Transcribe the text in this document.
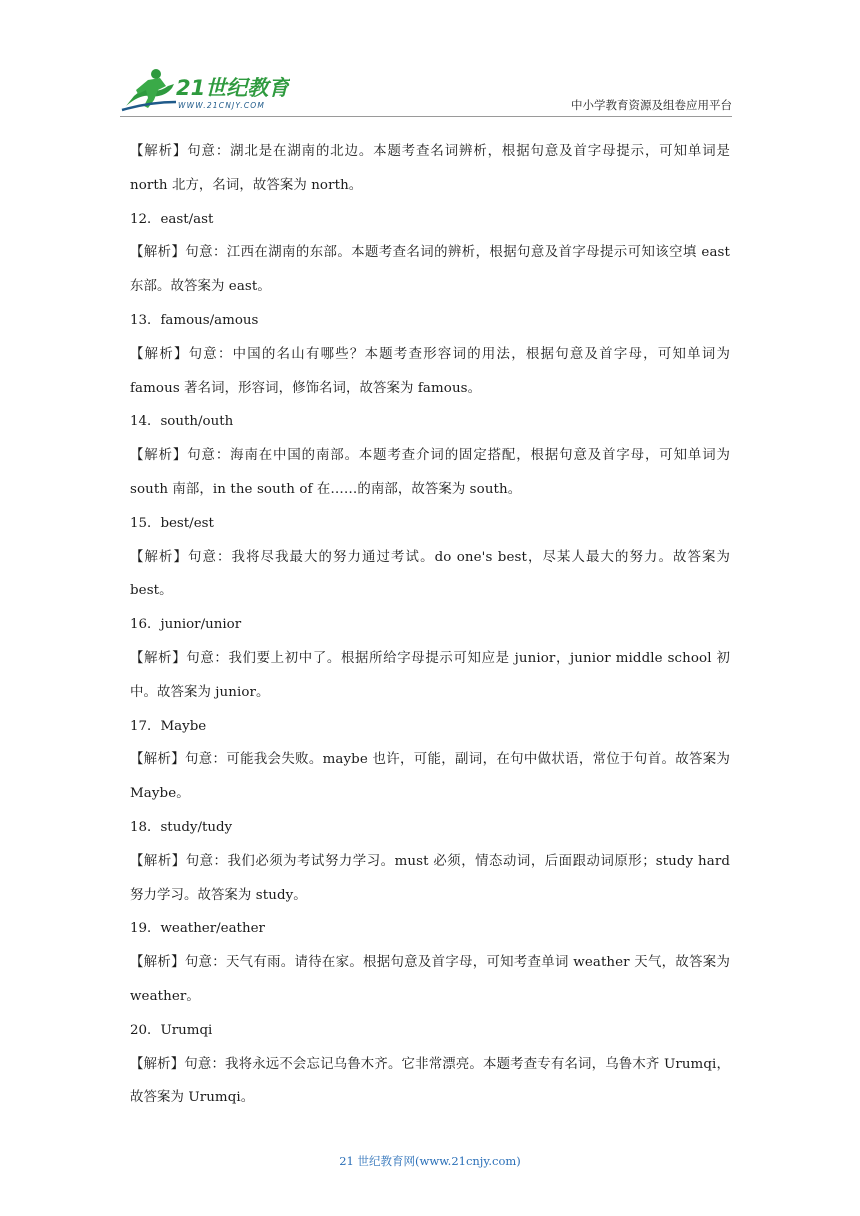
21世纪教育
WWW.21CNJY.COM	中小学教育资源及组卷应用平台

【解析】句意：湖北是在湖南的北边。本题考查名词辨析，根据句意及首字母提示，可知单词是 north 北方，名词，故答案为 north。

12．east/ast

【解析】句意：江西在湖南的东部。本题考查名词的辨析，根据句意及首字母提示可知该空填 east 东部。故答案为 east。

13．famous/amous

【解析】句意：中国的名山有哪些？本题考查形容词的用法，根据句意及首字母，可知单词为 famous 著名词，形容词，修饰名词，故答案为 famous。

14．south/outh

【解析】句意：海南在中国的南部。本题考查介词的固定搭配，根据句意及首字母，可知单词为 south 南部，in the south of 在……的南部，故答案为 south。

15．best/est

【解析】句意：我将尽我最大的努力通过考试。do one's best，尽某人最大的努力。故答案为 best。

16．junior/unior

【解析】句意：我们要上初中了。根据所给字母提示可知应是 junior，junior middle school 初中。故答案为 junior。

17．Maybe

【解析】句意：可能我会失败。maybe 也许，可能，副词，在句中做状语，常位于句首。故答案为 Maybe。

18．study/tudy

【解析】句意：我们必须为考试努力学习。must 必须，情态动词，后面跟动词原形；study hard 努力学习。故答案为 study。

19．weather/eather

【解析】句意：天气有雨。请待在家。根据句意及首字母，可知考查单词 weather 天气，故答案为 weather。

20．Urumqi

【解析】句意：我将永远不会忘记乌鲁木齐。它非常漂亮。本题考查专有名词，乌鲁木齐 Urumqi，故答案为 Urumqi。

21 世纪教育网(www.21cnjy.com)
